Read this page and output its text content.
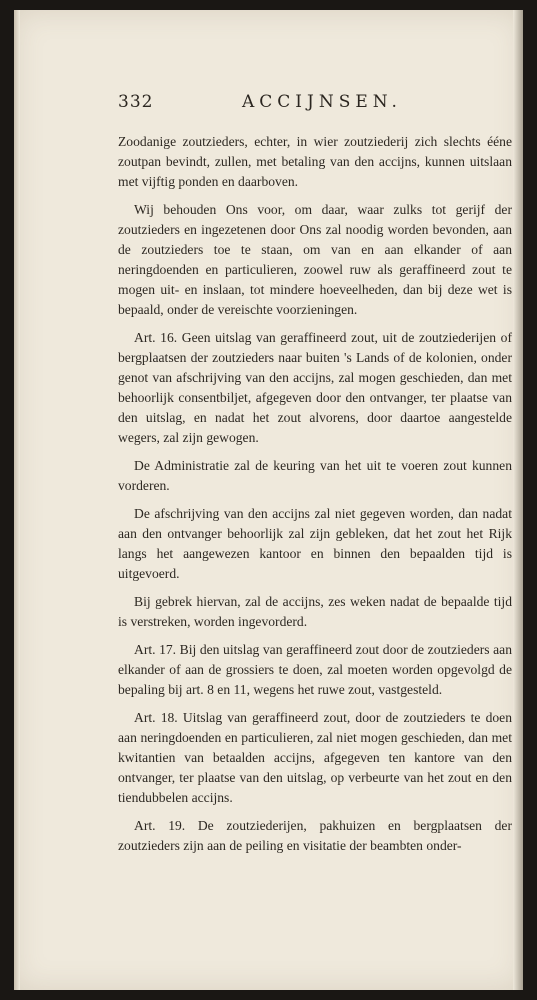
332	ACCIJNSEN.

Zoodanige zoutzieders, echter, in wier zoutziederij zich slechts ééne zoutpan bevindt, zullen, met betaling van den accijns, kunnen uitslaan met vijftig ponden en daarboven.

Wij behouden Ons voor, om daar, waar zulks tot gerijf der zoutzieders en ingezetenen door Ons zal noodig worden bevonden, aan de zoutzieders toe te staan, om van en aan elkander of aan neringdoenden en particulieren, zoowel ruw als geraffineerd zout te mogen uit- en inslaan, tot mindere hoeveelheden, dan bij deze wet is bepaald, onder de vereischte voorzieningen.

Art. 16. Geen uitslag van geraffineerd zout, uit de zoutziederijen of bergplaatsen der zoutzieders naar buiten 's Lands of de kolonien, onder genot van afschrijving van den accijns, zal mogen geschieden, dan met behoorlijk consentbiljet, afgegeven door den ontvanger, ter plaatse van den uitslag, en nadat het zout alvorens, door daartoe aangestelde wegers, zal zijn gewogen.

De Administratie zal de keuring van het uit te voeren zout kunnen vorderen.

De afschrijving van den accijns zal niet gegeven worden, dan nadat aan den ontvanger behoorlijk zal zijn gebleken, dat het zout het Rijk langs het aangewezen kantoor en binnen den bepaalden tijd is uitgevoerd.

Bij gebrek hiervan, zal de accijns, zes weken nadat de bepaalde tijd is verstreken, worden ingevorderd.

Art. 17. Bij den uitslag van geraffineerd zout door de zoutzieders aan elkander of aan de grossiers te doen, zal moeten worden opgevolgd de bepaling bij art. 8 en 11, wegens het ruwe zout, vastgesteld.

Art. 18. Uitslag van geraffineerd zout, door de zoutzieders te doen aan neringdoenden en particulieren, zal niet mogen geschieden, dan met kwitantien van betaalden accijns, afgegeven ten kantore van den ontvanger, ter plaatse van den uitslag, op verbeurte van het zout en den tiendubbelen accijns.

Art. 19. De zoutziederijen, pakhuizen en bergplaatsen der zoutzieders zijn aan de peiling en visitatie der beambten onder-
